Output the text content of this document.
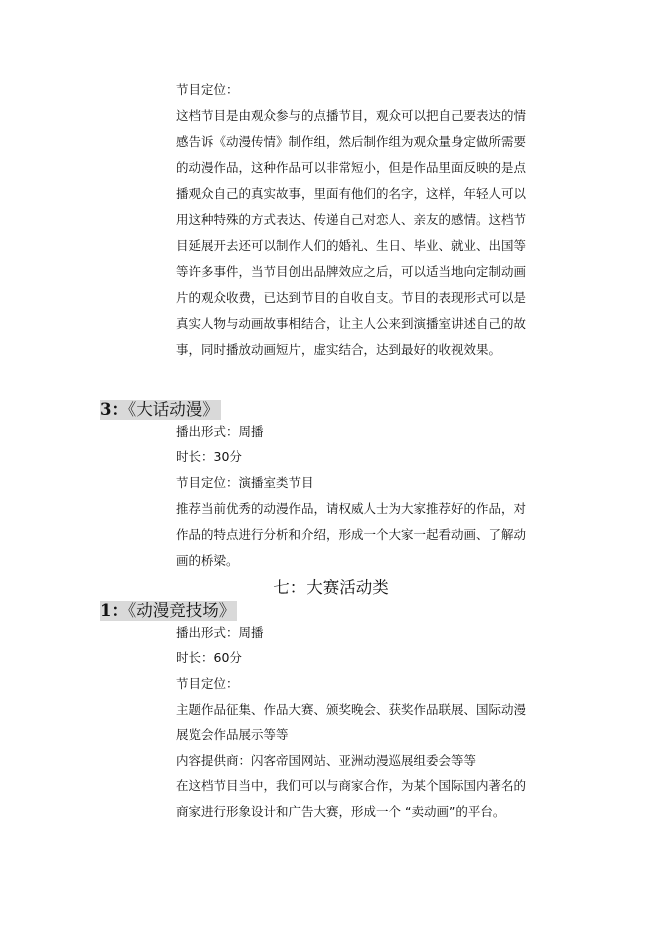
节目定位：
这档节目是由观众参与的点播节目，观众可以把自己要表达的情
感告诉《动漫传情》制作组，然后制作组为观众量身定做所需要
的动漫作品，这种作品可以非常短小，但是作品里面反映的是点
播观众自己的真实故事，里面有他们的名字，这样，年轻人可以
用这种特殊的方式表达、传递自己对恋人、亲友的感情。这档节
目延展开去还可以制作人们的婚礼、生日、毕业、就业、出国等
等许多事件，当节目创出品牌效应之后，可以适当地向定制动画
片的观众收费，已达到节目的自收自支。节目的表现形式可以是
真实人物与动画故事相结合，让主人公来到演播室讲述自己的故
事，同时播放动画短片，虚实结合，达到最好的收视效果。
3：《大话动漫》
播出形式：周播
时长：30分
节目定位：演播室类节目
推荐当前优秀的动漫作品，请权威人士为大家推荐好的作品，对
作品的特点进行分析和介绍，形成一个大家一起看动画、了解动
画的桥梁。
七：大赛活动类
1：《动漫竞技场》
播出形式：周播
时长：60分
节目定位：
主题作品征集、作品大赛、颁奖晚会、获奖作品联展、国际动漫
展览会作品展示等等
内容提供商：闪客帝国网站、亚洲动漫巡展组委会等等
在这档节目当中，我们可以与商家合作，为某个国际国内著名的
商家进行形象设计和广告大赛，形成一个 “卖动画”的平台。
